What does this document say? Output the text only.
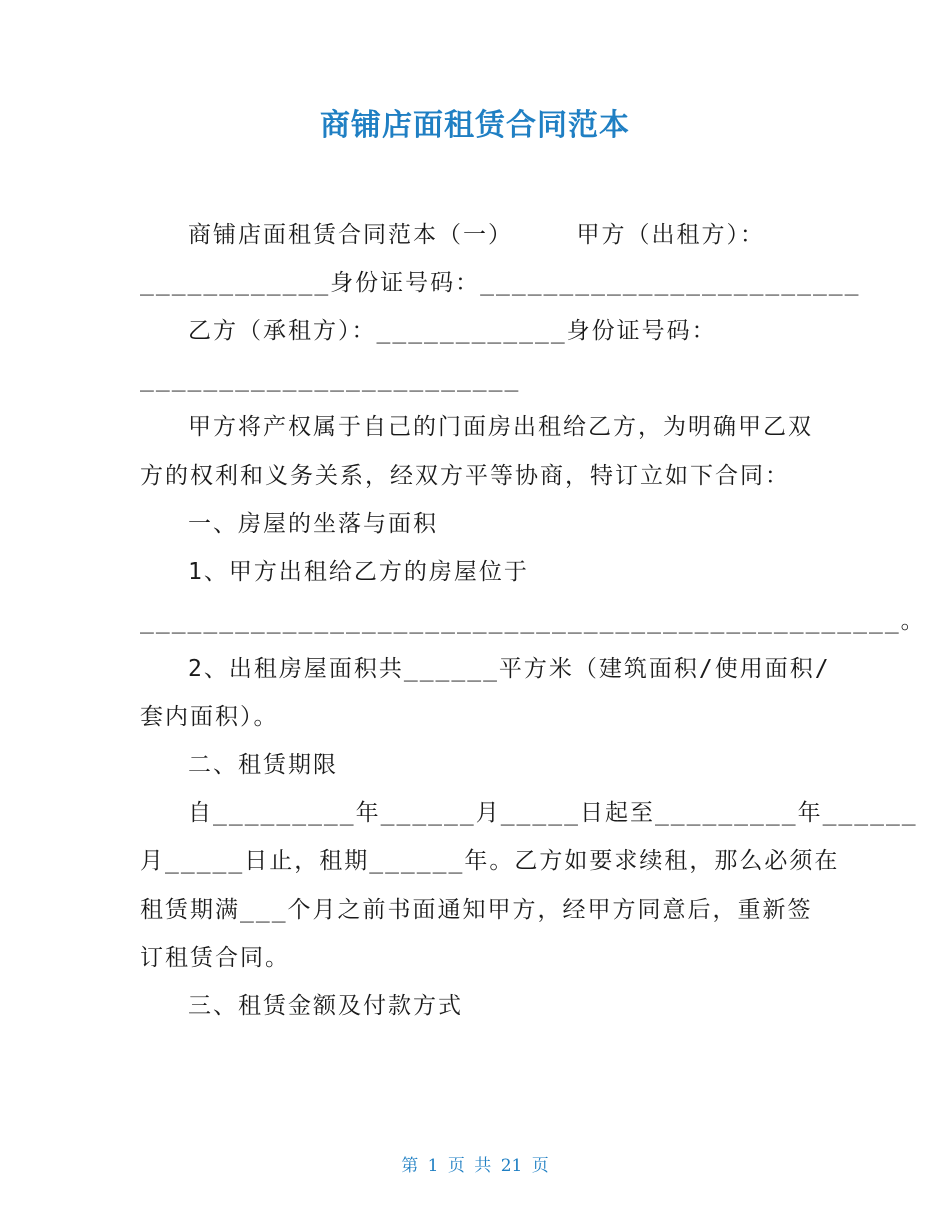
商铺店面租赁合同范本
商铺店面租赁合同范本（一）　　　甲方（出租方）：
____________身份证号码：________________________
乙方（承租方）：____________身份证号码：
________________________
甲方将产权属于自己的门面房出租给乙方，为明确甲乙双
方的权利和义务关系，经双方平等协商，特订立如下合同：
一、房屋的坐落与面积
1、甲方出租给乙方的房屋位于
________________________________________________。
2、出租房屋面积共______平方米（建筑面积/使用面积/
套内面积）。
二、租赁期限
自_________年______月_____日起至_________年______
月_____日止，租期______年。乙方如要求续租，那么必须在
租赁期满___个月之前书面通知甲方，经甲方同意后，重新签
订租赁合同。
三、租赁金额及付款方式
第 1 页 共 21 页
